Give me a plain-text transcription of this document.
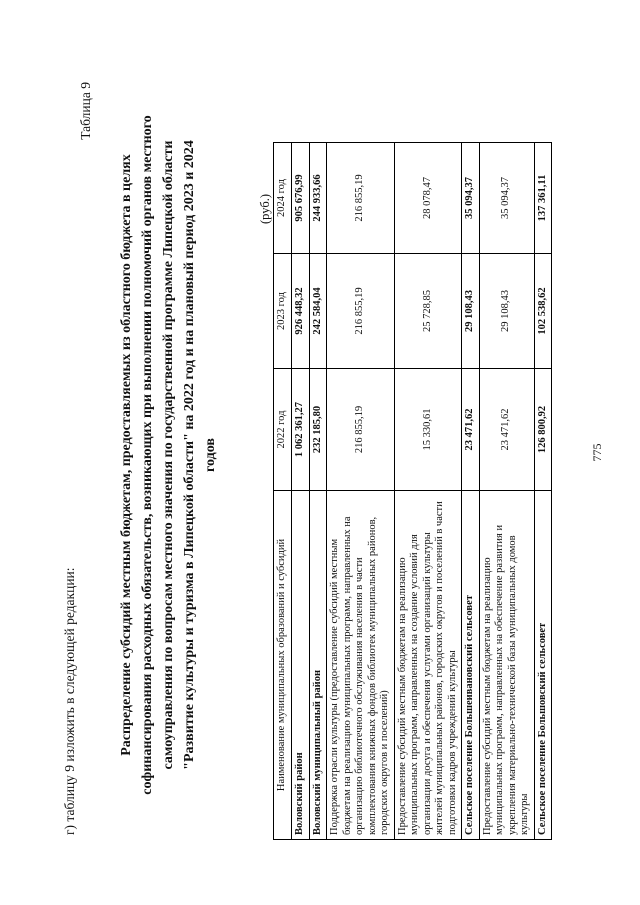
г) таблицу 9 изложить в следующей редакции:
Таблица 9
Распределение субсидий местным бюджетам, предоставляемых из областного бюджета в целях софинансирования расходных обязательств, возникающих при выполнении полномочий органов местного самоуправления по вопросам местного значения по государственной программе Липецкой области "Развитие культуры и туризма в Липецкой области" на 2022 год и на плановый период 2023 и 2024 годов
(руб.)
Наименование муниципальных образований и субсидий	2022 год	2023 год	2024 год
Воловский район	1 062 361,27	926 448,32	905 676,99
Воловский муниципальный район	232 185,80	242 584,04	244 933,66
Поддержка отрасли культуры (предоставление субсидий местным бюджетам на реализацию муниципальных программ, направленных на организацию библиотечного обслуживания населения в части комплектования книжных фондов библиотек муниципальных районов, городских округов и поселений)	216 855,19	216 855,19	216 855,19
Предоставление субсидий местным бюджетам на реализацию муниципальных программ, направленных на создание условий для организации досуга и обеспечения услугами организаций культуры жителей муниципальных районов, городских округов и поселений в части подготовки кадров учреждений культуры	15 330,61	25 728,85	28 078,47
Сельское поселение Большеивановский сельсовет	23 471,62	29 108,43	35 094,37
Предоставление субсидий местным бюджетам на реализацию муниципальных программ, направленных на обеспечение развития и укрепления материально-технической базы муниципальных домов культуры	23 471,62	29 108,43	35 094,37
Сельское поселение Большовский сельсовет	126 800,92	102 538,62	137 361,11
775
